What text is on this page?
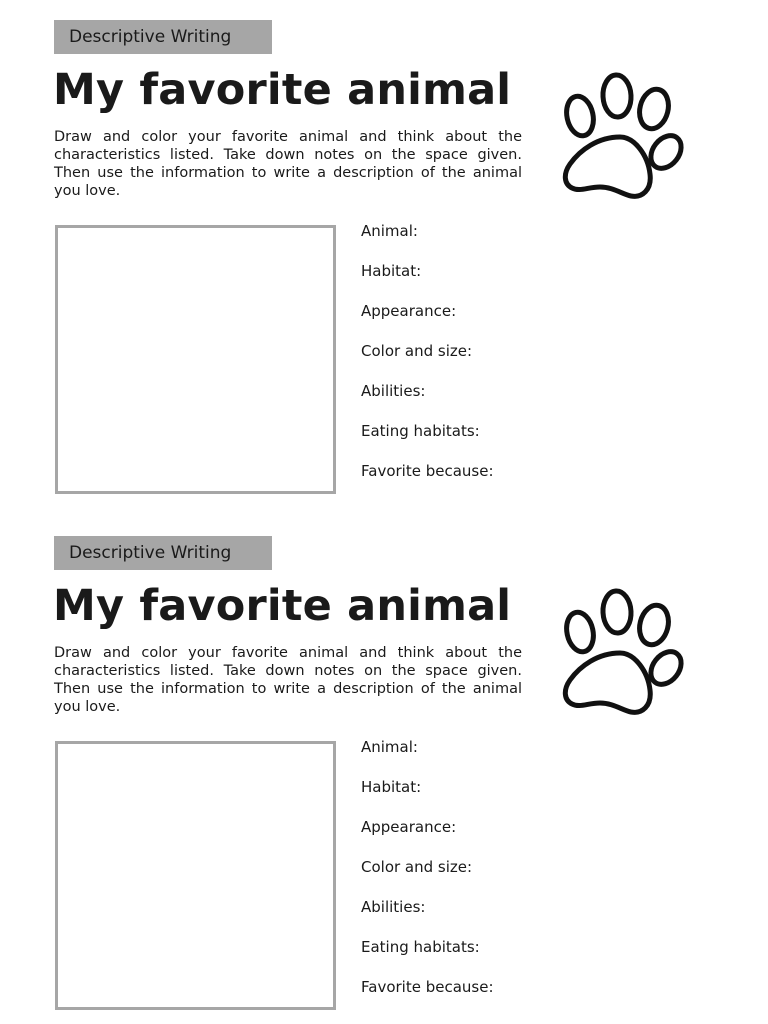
Descriptive Writing
My favorite animal

Draw and color your favorite animal and think about the characteristics listed. Take down notes on the space given. Then use the information to write a description of the animal you love.

Animal:
Habitat:
Appearance:
Color and size:
Abilities:
Eating habitats:
Favorite because:
Descriptive Writing
My favorite animal

Draw and color your favorite animal and think about the characteristics listed. Take down notes on the space given. Then use the information to write a description of the animal you love.

Animal:
Habitat:
Appearance:
Color and size:
Abilities:
Eating habitats:
Favorite because:
